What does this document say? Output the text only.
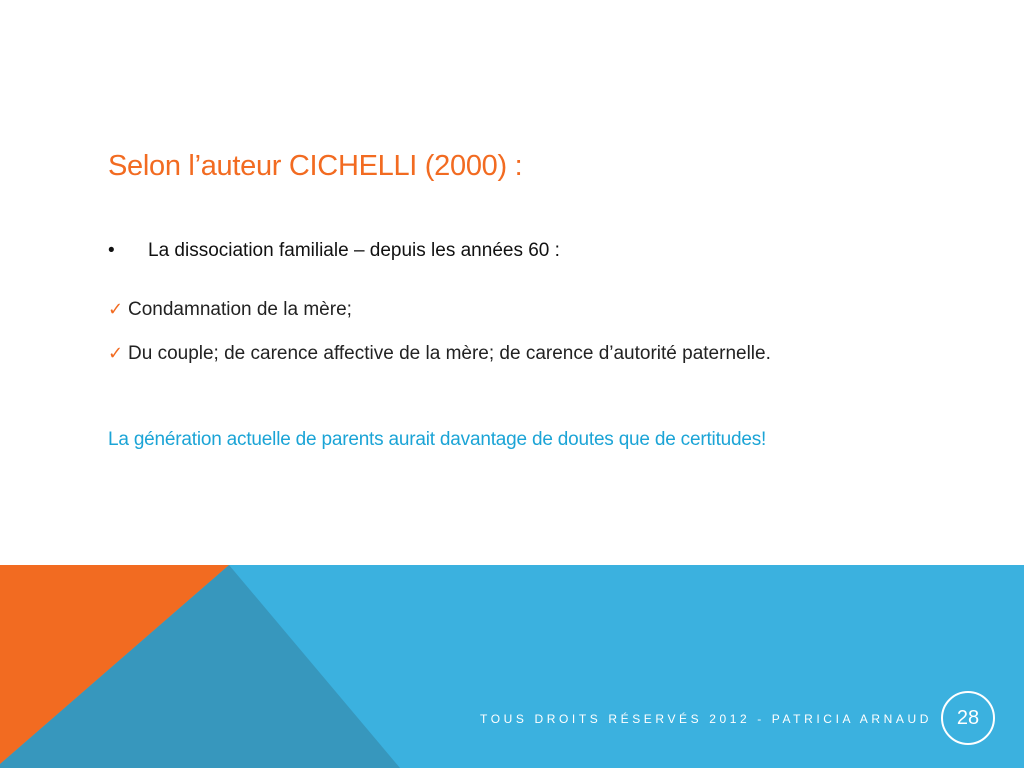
Selon l’auteur CICHELLI (2000) :
• La dissociation familiale – depuis les années 60 :
✓ Condamnation de la mère;
✓ Du couple; de carence affective de la mère; de carence d’autorité paternelle.
La génération actuelle de parents aurait davantage de doutes que de certitudes!
TOUS DROITS RÉSERVÉS 2012 - PATRICIA ARNAUD 28
